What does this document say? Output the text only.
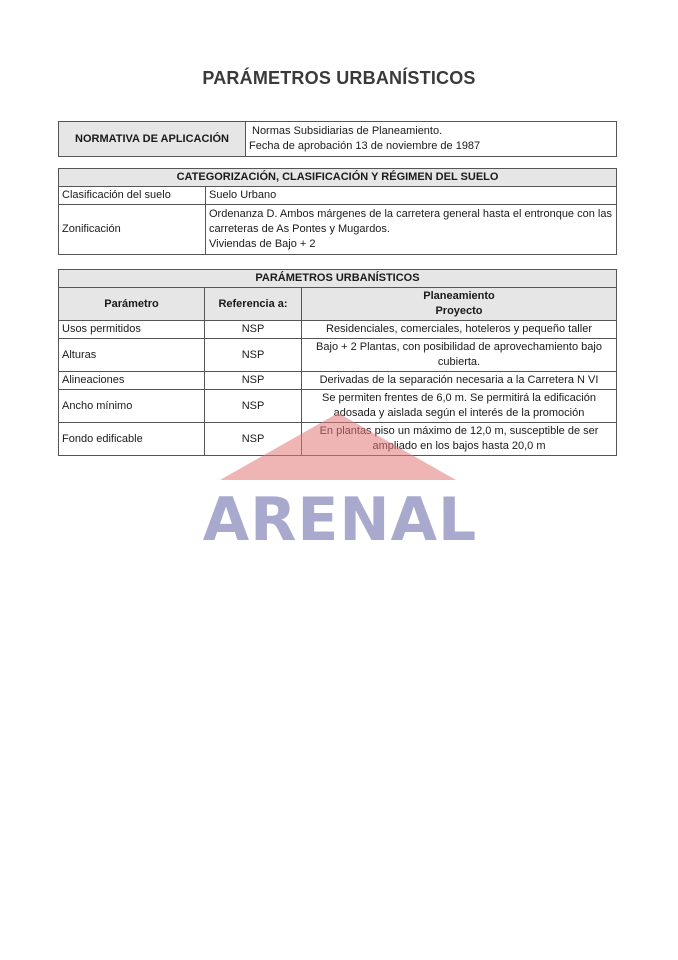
PARÁMETROS URBANÍSTICOS
NORMATIVA DE APLICACIÓN	
Normas Subsidiarias de Planeamiento.
Fecha de aprobación 13 de noviembre de 1987
CATEGORIZACIÓN, CLASIFICACIÓN Y RÉGIMEN DEL SUELO	
Clasificación del suelo	Suelo Urbano
Zonificación	Ordenanza D. Ambos márgenes de la carretera general hasta el entronque con las carreteras de As Pontes y Mugardos.
Viviendas de Bajo + 2
PARÁMETROS URBANÍSTICOS		
Parámetro	Referencia a:	Planeamiento
Proyecto

Usos permitidos	NSP	Residenciales, comerciales, hoteleros y pequeño taller
Alturas	NSP	Bajo + 2 Plantas, con posibilidad de aprovechamiento bajo cubierta.
Alineaciones	NSP	Derivadas de la separación necesaria a la Carretera N VI
Ancho mínimo	NSP	Se permiten frentes de 6,0 m. Se permitirá la edificación adosada y aislada según el interés de la promoción
Fondo edificable	NSP	En plantas piso un máximo de 12,0 m, susceptible de ser ampliado en los bajos hasta 20,0 m
ARENAL
